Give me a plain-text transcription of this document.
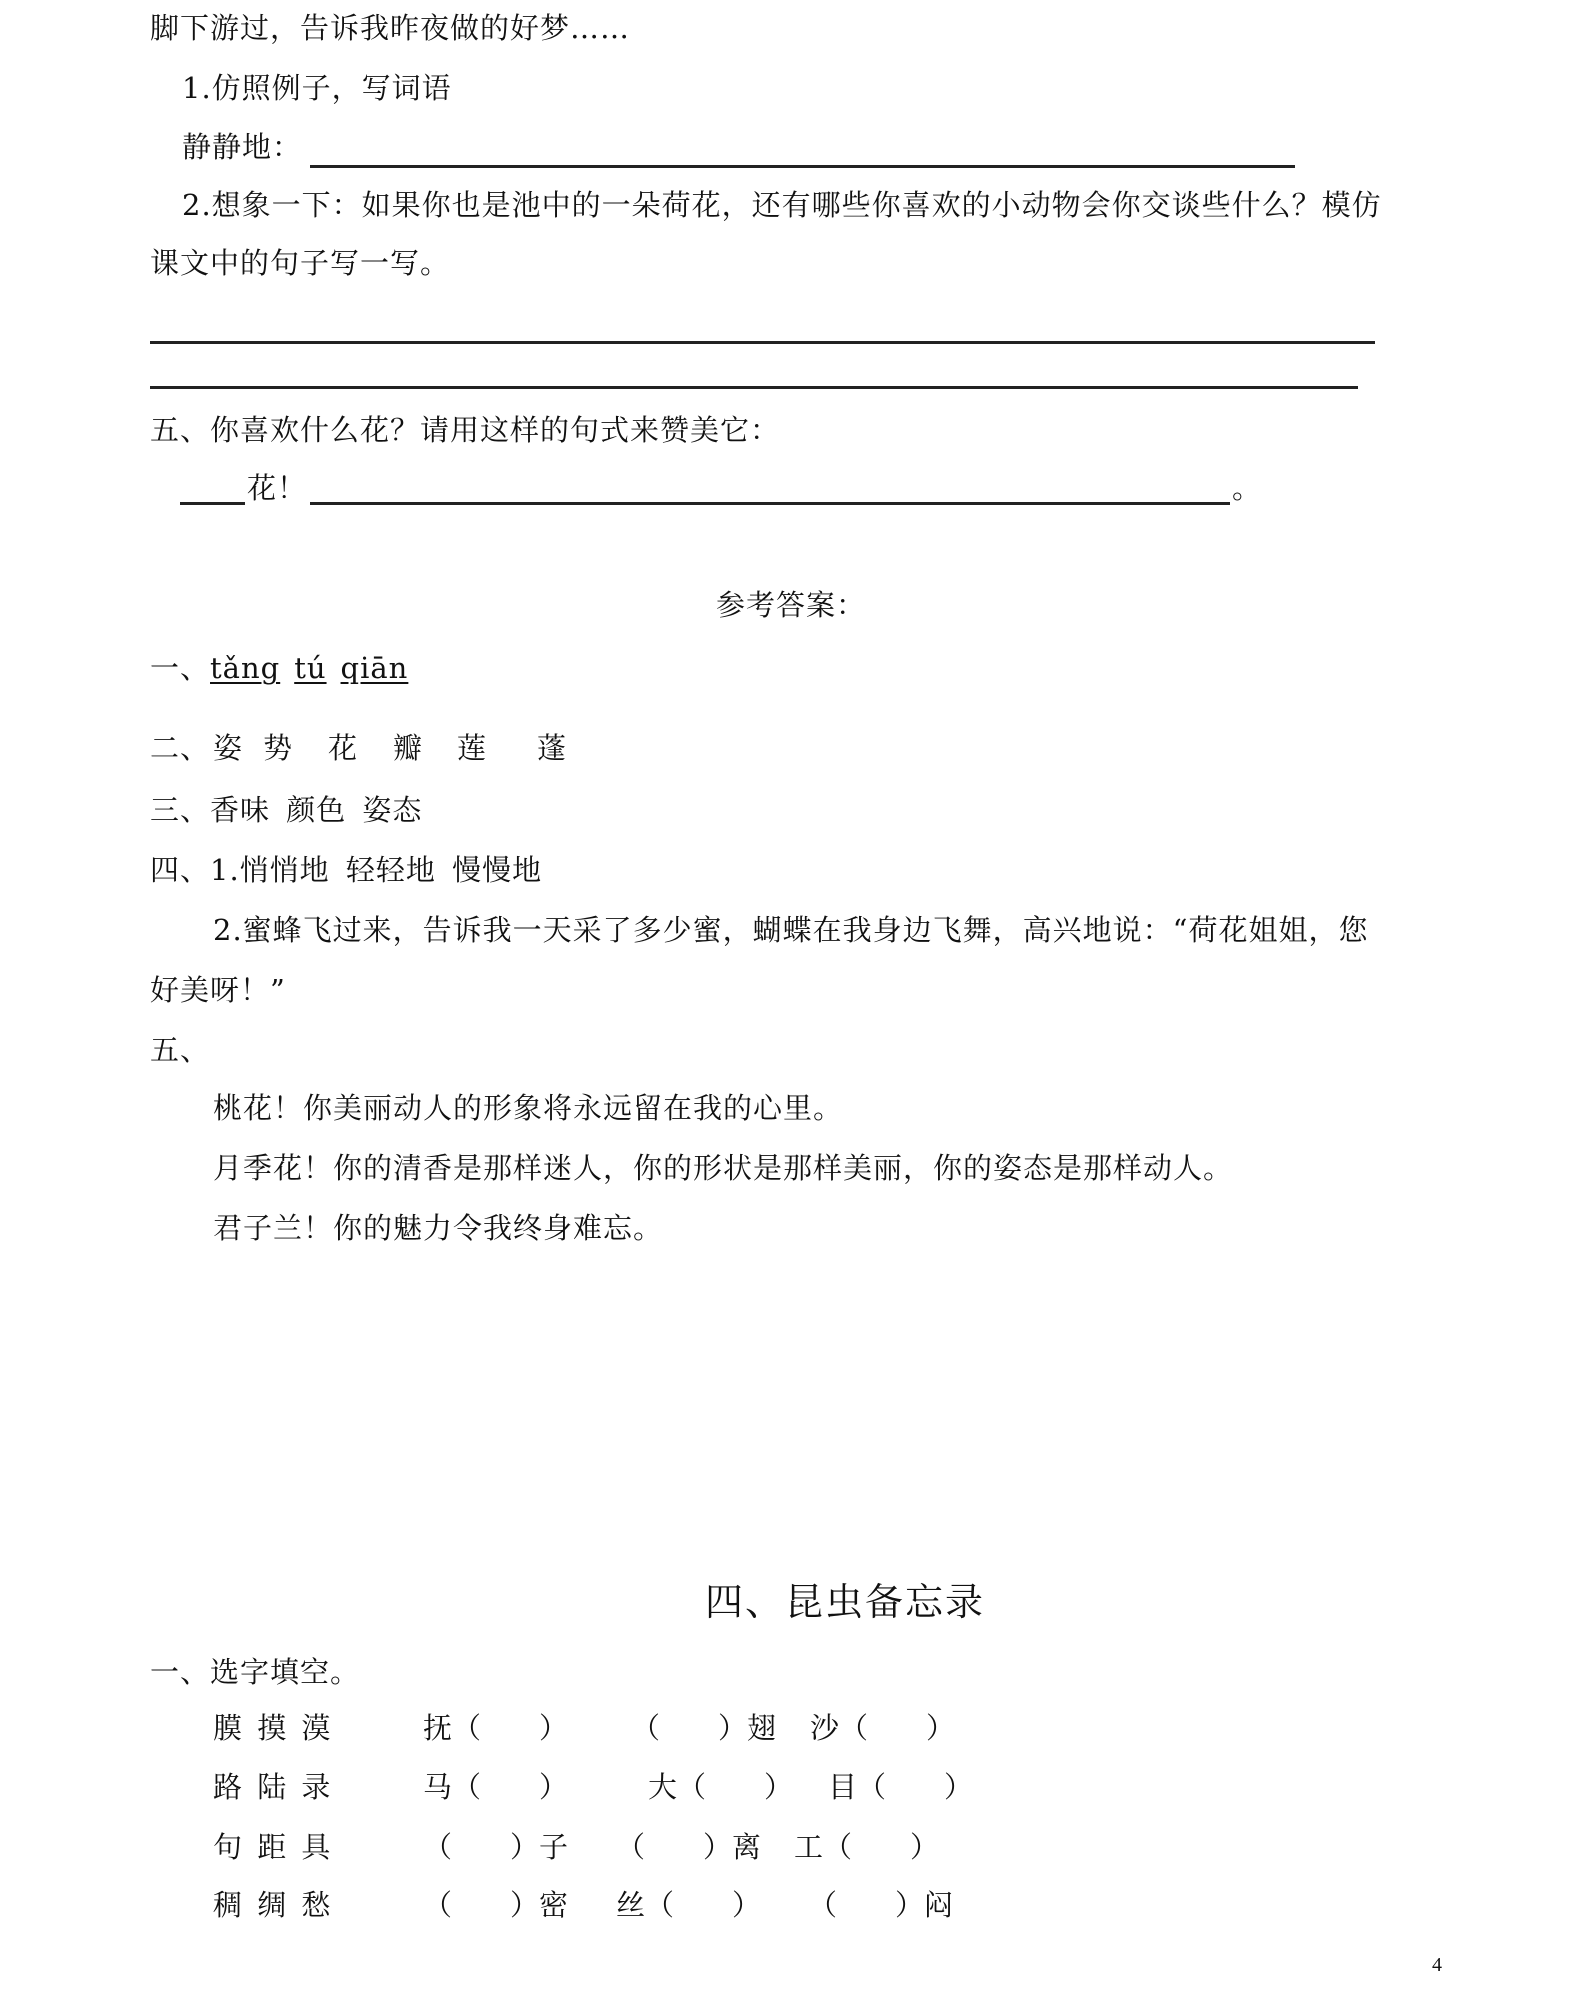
脚下游过，告诉我昨夜做的好梦……
1.仿照例子，写词语
静静地：
2.想象一下：如果你也是池中的一朵荷花，还有哪些你喜欢的小动物会你交谈些什么？模仿
课文中的句子写一写。
五、你喜欢什么花？请用这样的句式来赞美它：
花！	。
参考答案：
一、tǎng tú qiān
二、 姿 势 花 瓣 莲 蓬
三、香味 颜色 姿态
四、1.悄悄地 轻轻地 慢慢地
2.蜜蜂飞过来，告诉我一天采了多少蜜，蝴蝶在我身边飞舞，高兴地说：“荷花姐姐，您
好美呀！”
五、
桃花！你美丽动人的形象将永远留在我的心里。
月季花！你的清香是那样迷人，你的形状是那样美丽，你的姿态是那样动人。
君子兰！你的魅力令我终身难忘。
四、昆虫备忘录
一、选字填空。
膜 摸 漠	抚（　　） （　　）翅 沙（　　）
路 陆 录	马（　　）	大（　　） 目（　　）
句 距 具	（　　）子 （　　）离 工（　　）
稠 绸 愁	（　　）密 丝（　　） （　　）闷
4
